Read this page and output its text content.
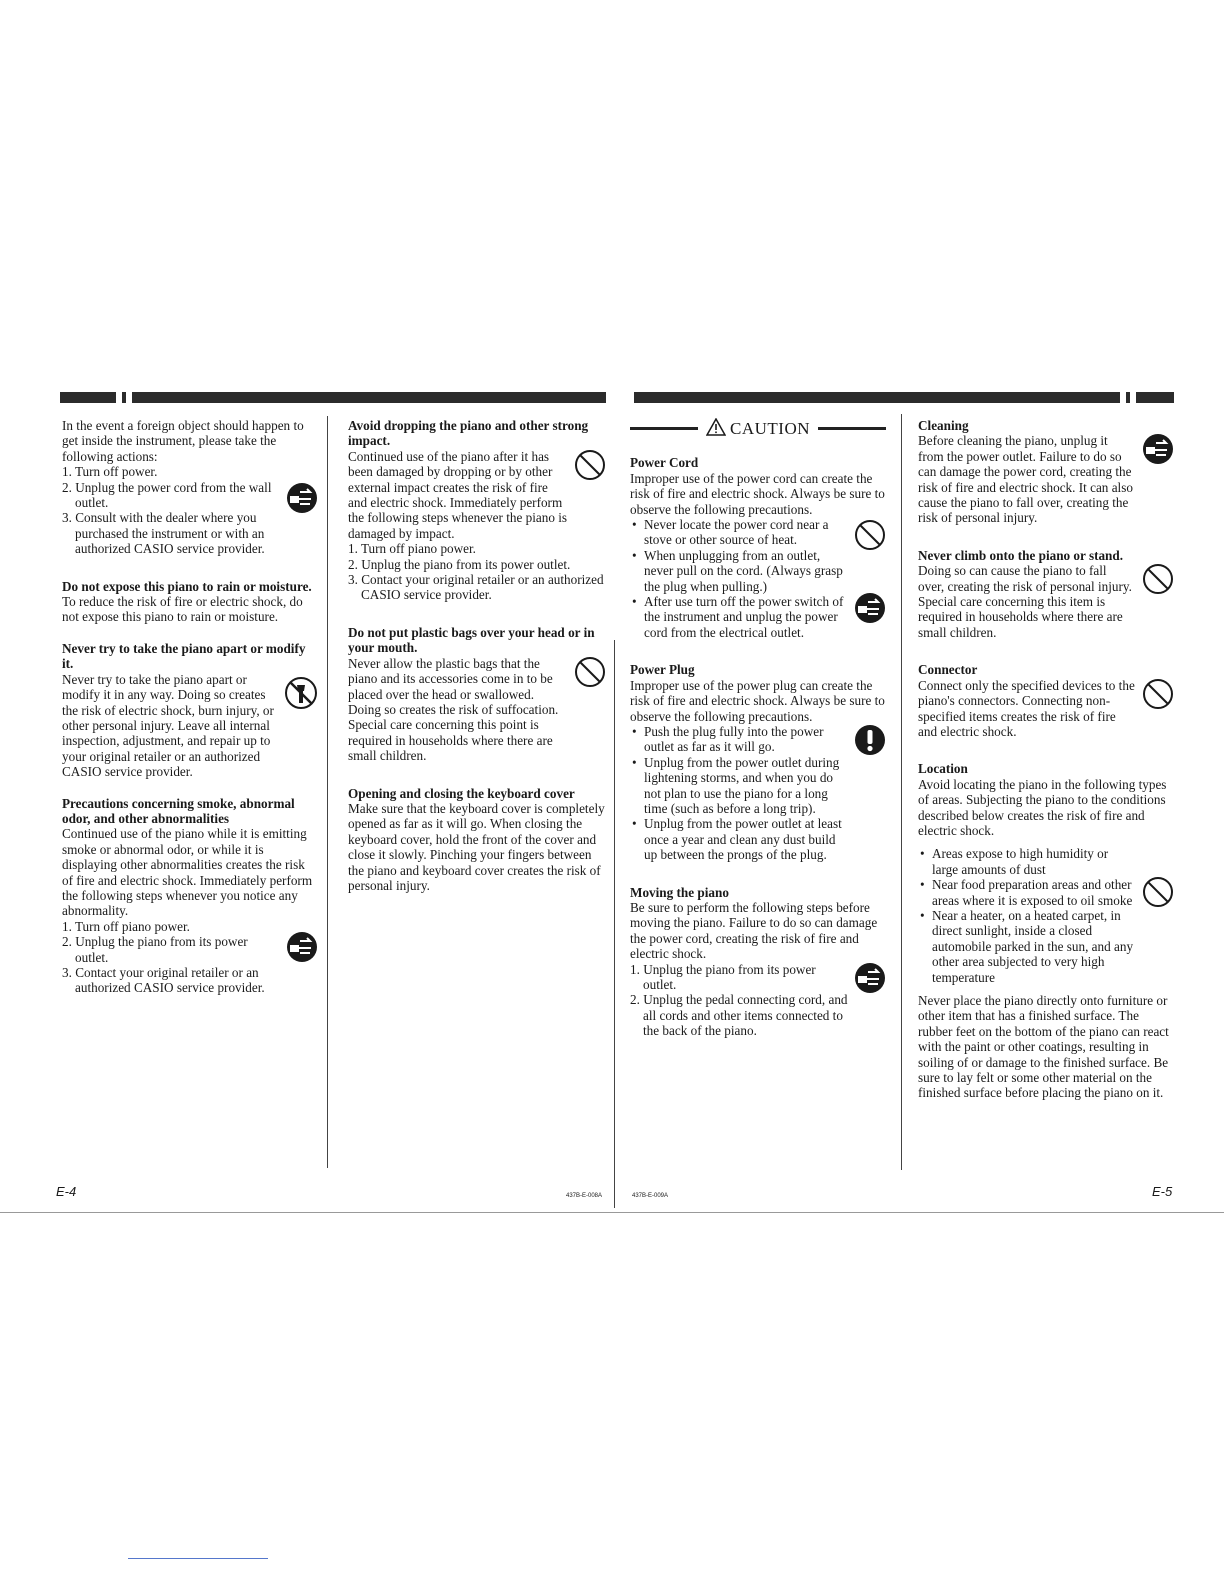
In the event a foreign object should happen to get inside the instrument, please take the following actions:

1. Turn off power.
2. Unplug the power cord from the wall outlet.
3. Consult with the dealer where you purchased the instrument or with an authorized CASIO service provider.

Do not expose this piano to rain or moisture.

To reduce the risk of fire or electric shock, do not expose this piano to rain or moisture.

Never try to take the piano apart or modify it.

Never try to take the piano apart or modify it in any way. Doing so creates the risk of electric shock, burn injury, or other personal injury. Leave all internal inspection, adjustment, and repair up to your original retailer or an authorized CASIO service provider.

Precautions concerning smoke, abnormal odor, and other abnormalities

Continued use of the piano while it is emitting smoke or abnormal odor, or while it is displaying other abnormalities creates the risk of fire and electric shock. Immediately perform the following steps whenever you notice any abnormality.

1. Turn off piano power.
2. Unplug the piano from its power outlet.
3. Contact your original retailer or an authorized CASIO service provider.

Avoid dropping the piano and other strong impact.

Continued use of the piano after it has been damaged by dropping or by other external impact creates the risk of fire and electric shock. Immediately perform the following steps whenever the piano is damaged by impact.

1. Turn off piano power.
2. Unplug the piano from its power outlet.
3. Contact your original retailer or an authorized CASIO service provider.

Do not put plastic bags over your head or in your mouth.

Never allow the plastic bags that the piano and its accessories come in to be placed over the head or swallowed. Doing so creates the risk of suffocation. Special care concerning this point is required in households where there are small children.

Opening and closing the keyboard cover

Make sure that the keyboard cover is completely opened as far as it will go. When closing the keyboard cover, hold the front of the cover and close it slowly. Pinching your fingers between the piano and keyboard cover creates the risk of personal injury.

CAUTION

Power Cord

Improper use of the power cord can create the risk of fire and electric shock. Always be sure to observe the following precautions.

• Never locate the power cord near a stove or other source of heat.
• When unplugging from an outlet, never pull on the cord. (Always grasp the plug when pulling.)
• After use turn off the power switch of the instrument and unplug the power cord from the electrical outlet.

Power Plug

Improper use of the power plug can create the risk of fire and electric shock. Always be sure to observe the following precautions.

• Push the plug fully into the power outlet as far as it will go.
• Unplug from the power outlet during lightening storms, and when you do not plan to use the piano for a long time (such as before a long trip).
• Unplug from the power outlet at least once a year and clean any dust build up between the prongs of the plug.

Moving the piano

Be sure to perform the following steps before moving the piano. Failure to do so can damage the power cord, creating the risk of fire and electric shock.

1. Unplug the piano from its power outlet.
2. Unplug the pedal connecting cord, and all cords and other items connected to the back of the piano.

Cleaning

Before cleaning the piano, unplug it from the power outlet. Failure to do so can damage the power cord, creating the risk of fire and electric shock. It can also cause the piano to fall over, creating the risk of personal injury.

Never climb onto the piano or stand.

Doing so can cause the piano to fall over, creating the risk of personal injury. Special care concerning this item is required in households where there are small children.

Connector

Connect only the specified devices to the piano's connectors. Connecting non-specified items creates the risk of fire and electric shock.

Location

Avoid locating the piano in the following types of areas. Subjecting the piano to the conditions described below creates the risk of fire and electric shock.

• Areas expose to high humidity or large amounts of dust
• Near food preparation areas and other areas where it is exposed to oil smoke
• Near a heater, on a heated carpet, in direct sunlight, inside a closed automobile parked in the sun, and any other area subjected to very high temperature

Never place the piano directly onto furniture or other item that has a finished surface. The rubber feet on the bottom of the piano can react with the paint or other coatings, resulting in soiling of or damage to the finished surface. Be sure to lay felt or some other material on the finished surface before placing the piano on it.

E-4	437B-E-008A	437B-E-009A	E-5
